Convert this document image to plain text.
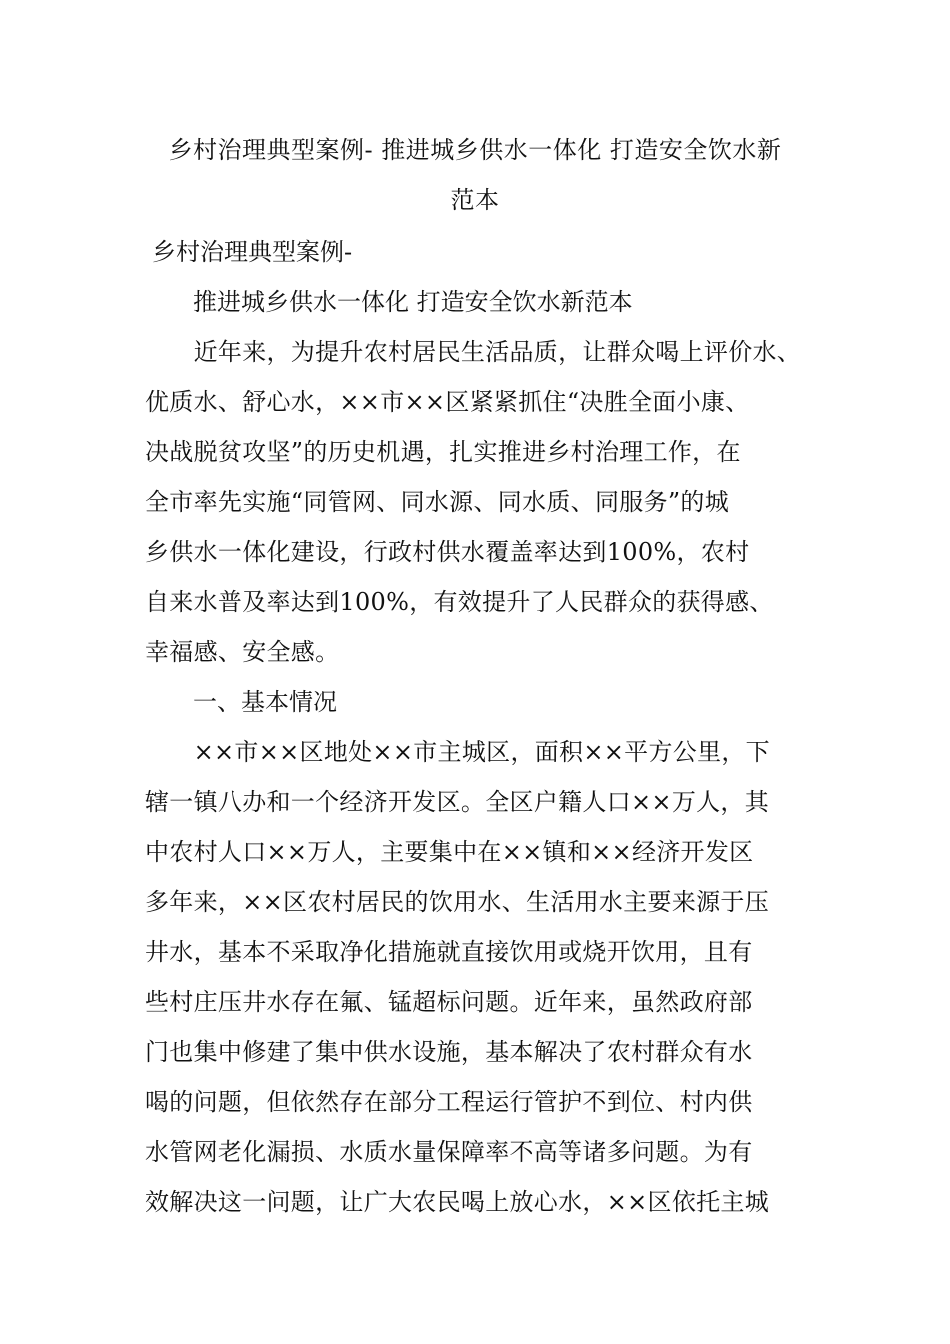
乡村治理典型案例- 推进城乡供水一体化 打造安全饮水新
范本
乡村治理典型案例-
推进城乡供水一体化 打造安全饮水新范本
　　近年来，为提升农村居民生活品质，让群众喝上评价水、
优质水、舒心水，××市××区紧紧抓住“决胜全面小康、
决战脱贫攻坚”的历史机遇，扎实推进乡村治理工作，在
全市率先实施“同管网、同水源、同水质、同服务”的城
乡供水一体化建设，行政村供水覆盖率达到100%，农村
自来水普及率达到100%，有效提升了人民群众的获得感、
幸福感、安全感。
一、基本情况
　　××市××区地处××市主城区，面积××平方公里，下
辖一镇八办和一个经济开发区。全区户籍人口××万人，其
中农村人口××万人，主要集中在××镇和××经济开发区
多年来，××区农村居民的饮用水、生活用水主要来源于压
井水，基本不采取净化措施就直接饮用或烧开饮用，且有
些村庄压井水存在氟、锰超标问题。近年来，虽然政府部
门也集中修建了集中供水设施，基本解决了农村群众有水
喝的问题，但依然存在部分工程运行管护不到位、村内供
水管网老化漏损、水质水量保障率不高等诸多问题。为有
效解决这一问题，让广大农民喝上放心水，××区依托主城
